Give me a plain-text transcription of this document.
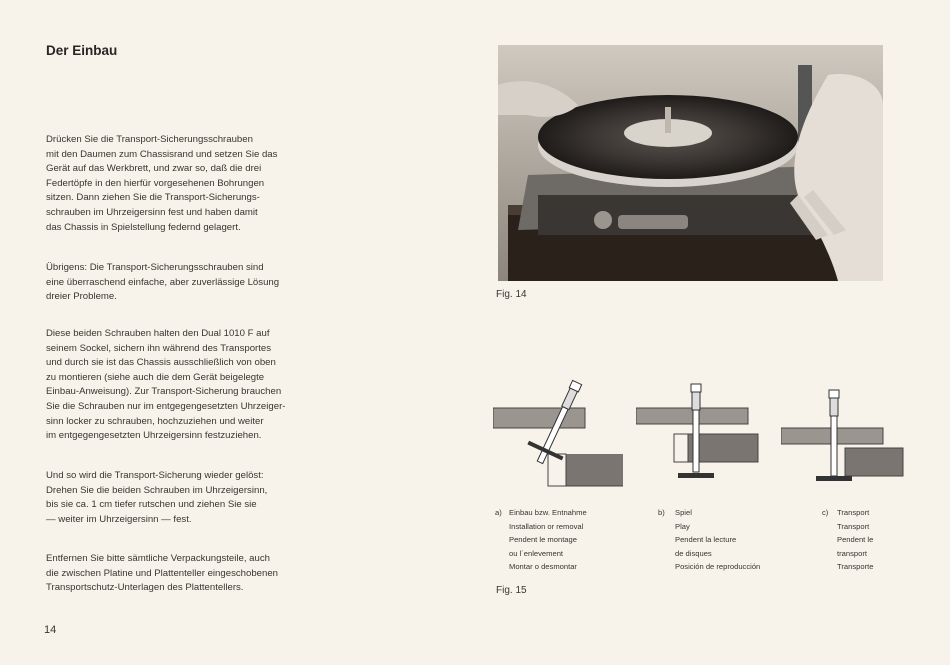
Der Einbau
Drücken Sie die Transport-Sicherungsschrauben
mit den Daumen zum Chassisrand und setzen Sie das
Gerät auf das Werkbrett, und zwar so, daß die drei
Federtöpfe in den hierfür vorgesehenen Bohrungen
sitzen. Dann ziehen Sie die Transport-Sicherungs-
schrauben im Uhrzeigersinn fest und haben damit
das Chassis in Spielstellung federnd gelagert.
Übrigens: Die Transport-Sicherungsschrauben sind
eine überraschend einfache, aber zuverlässige Lösung
dreier Probleme.
Diese beiden Schrauben halten den Dual 1010 F auf
seinem Sockel, sichern ihn während des Transportes
und durch sie ist das Chassis ausschließlich von oben
zu montieren (siehe auch die dem Gerät beigelegte
Einbau-Anweisung). Zur Transport-Sicherung brauchen
Sie die Schrauben nur im entgegengesetzten Uhrzeiger-
sinn locker zu schrauben, hochzuziehen und weiter
im entgegengesetzten Uhrzeigersinn festzuziehen.
Und so wird die Transport-Sicherung wieder gelöst:
Drehen Sie die beiden Schrauben im Uhrzeigersinn,
bis sie ca. 1 cm tiefer rutschen und ziehen Sie sie
— weiter im Uhrzeigersinn — fest.
Entfernen Sie bitte sämtliche Verpackungsteile, auch
die zwischen Platine und Plattenteller eingeschobenen
Transportschutz-Unterlagen des Plattentellers.
14
Fig. 14
a) Einbau bzw. Entnahme
Installation or removal
Pendent le montage
ou l´enlevement
Montar o desmontar
b) Spiel
Play
Pendent la lecture
de disques
Posición de reproducción
c) Transport
Transport
Pendent le
transport
Transporte
Fig. 15
